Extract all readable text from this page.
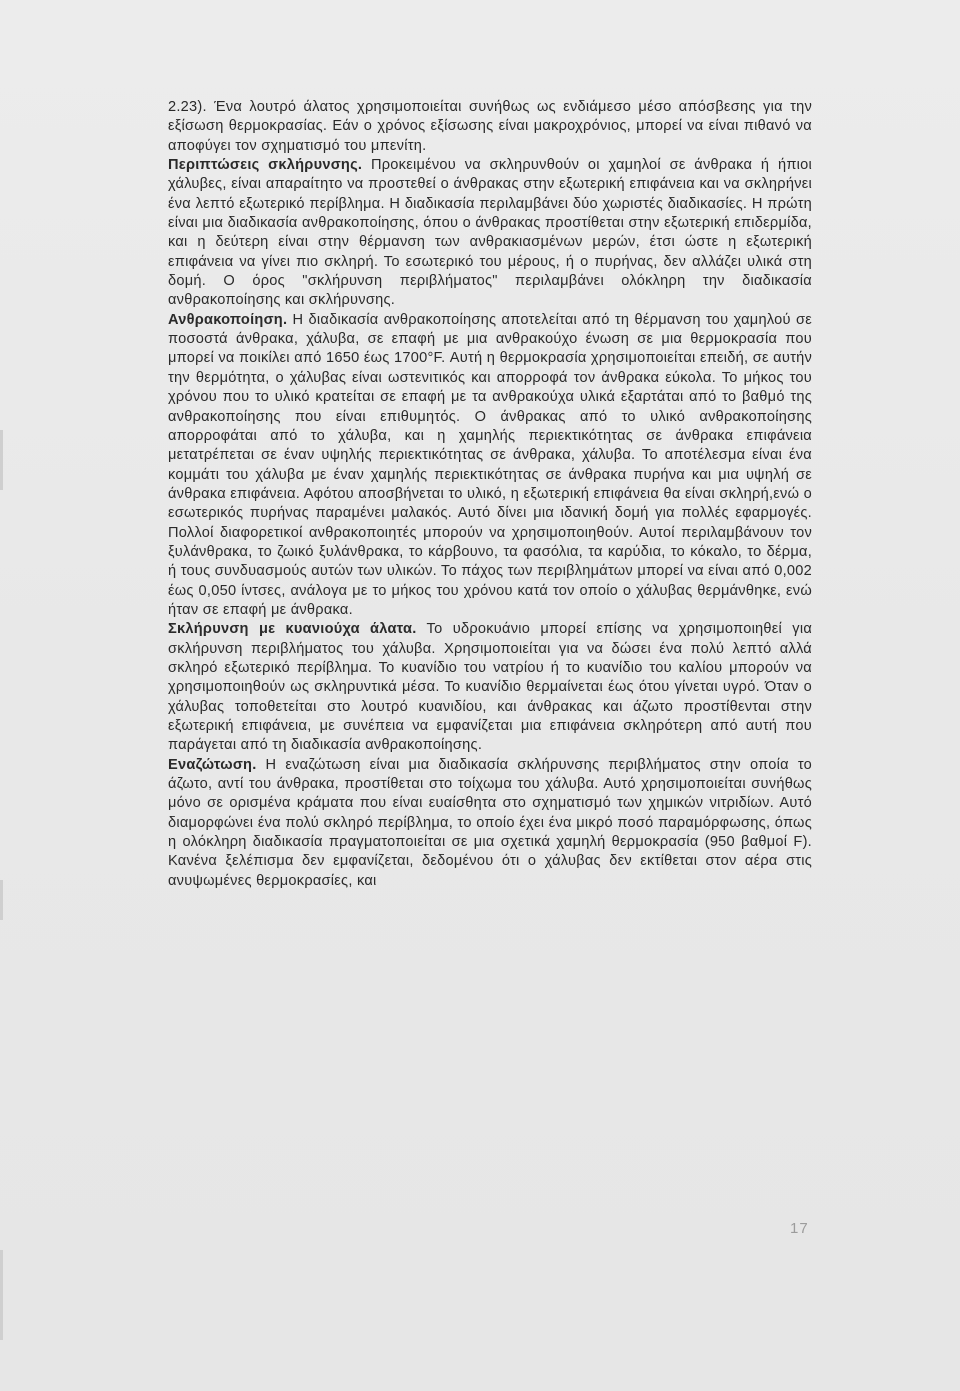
2.23). Ένα λουτρό άλατος χρησιμοποιείται συνήθως ως ενδιάμεσο μέσο απόσβεσης για την εξίσωση θερμοκρασίας. Εάν ο χρόνος εξίσωσης είναι μακροχρόνιος, μπορεί να είναι πιθανό να αποφύγει τον σχηματισμό του μπενίτη.

Περιπτώσεις σκλήρυνσης. Προκειμένου να σκληρυνθούν οι χαμηλοί σε άνθρακα ή ήπιοι χάλυβες, είναι απαραίτητο να προστεθεί ο άνθρακας στην εξωτερική επιφάνεια και να σκληρήνει ένα λεπτό εξωτερικό περίβλημα. Η διαδικασία περιλαμβάνει δύο χωριστές διαδικασίες. Η πρώτη είναι μια διαδικασία ανθρακοποίησης, όπου ο άνθρακας προστίθεται στην εξωτερική επιδερμίδα, και η δεύτερη είναι στην θέρμανση των ανθρακιασμένων μερών, έτσι ώστε η εξωτερική επιφάνεια να γίνει πιο σκληρή. Το εσωτερικό του μέρους, ή ο πυρήνας, δεν αλλάζει υλικά στη δομή. Ο όρος "σκλήρυνση περιβλήματος" περιλαμβάνει ολόκληρη την διαδικασία ανθρακοποίησης και σκλήρυνσης.

Ανθρακοποίηση. Η διαδικασία ανθρακοποίησης αποτελείται από τη θέρμανση του χαμηλού σε ποσοστά άνθρακα, χάλυβα, σε επαφή με μια ανθρακούχο ένωση σε μια θερμοκρασία που μπορεί να ποικίλει από 1650 έως 1700°F. Αυτή η θερμοκρασία χρησιμοποιείται επειδή, σε αυτήν την θερμότητα, ο χάλυβας είναι ωστενιτικός και απορροφά τον άνθρακα εύκολα. Το μήκος του χρόνου που το υλικό κρατείται σε επαφή με τα ανθρακούχα υλικά εξαρτάται από το βαθμό της ανθρακοποίησης που είναι επιθυμητός. Ο άνθρακας από το υλικό ανθρακοποίησης απορροφάται από το χάλυβα, και η χαμηλής περιεκτικότητας σε άνθρακα επιφάνεια μετατρέπεται σε έναν υψηλής περιεκτικότητας σε άνθρακα, χάλυβα. Το αποτέλεσμα είναι ένα κομμάτι του χάλυβα με έναν χαμηλής περιεκτικότητας σε άνθρακα πυρήνα και μια υψηλή σε άνθρακα επιφάνεια. Αφότου αποσβήνεται το υλικό, η εξωτερική επιφάνεια θα είναι σκληρή,ενώ ο εσωτερικός πυρήνας παραμένει μαλακός. Αυτό δίνει μια ιδανική δομή για πολλές εφαρμογές. Πολλοί διαφορετικοί ανθρακοποιητές μπορούν να χρησιμοποιηθούν. Αυτοί περιλαμβάνουν τον ξυλάνθρακα, το ζωικό ξυλάνθρακα, το κάρβουνο, τα φασόλια, τα καρύδια, το κόκαλο, το δέρμα, ή τους συνδυασμούς αυτών των υλικών. Το πάχος των περιβλημάτων μπορεί να είναι από 0,002 έως 0,050 ίντσες, ανάλογα με το μήκος του χρόνου κατά τον οποίο ο χάλυβας θερμάνθηκε, ενώ ήταν σε επαφή με άνθρακα.

Σκλήρυνση με κυανιούχα άλατα. Το υδροκυάνιο μπορεί επίσης να χρησιμοποιηθεί για σκλήρυνση περιβλήματος του χάλυβα. Χρησιμοποιείται για να δώσει ένα πολύ λεπτό αλλά σκληρό εξωτερικό περίβλημα. Το κυανίδιο του νατρίου ή το κυανίδιο του καλίου μπορούν να χρησιμοποιηθούν ως σκληρυντικά μέσα. Το κυανίδιο θερμαίνεται έως ότου γίνεται υγρό. Όταν ο χάλυβας τοποθετείται στο λουτρό κυανιδίου, και άνθρακας και άζωτο προστίθενται στην εξωτερική επιφάνεια, με συνέπεια να εμφανίζεται μια επιφάνεια σκληρότερη από αυτή που παράγεται από τη διαδικασία ανθρακοποίησης.

Εναζώτωση. Η εναζώτωση είναι μια διαδικασία σκλήρυνσης περιβλήματος στην οποία το άζωτο, αντί του άνθρακα, προστίθεται στο τοίχωμα του χάλυβα. Αυτό χρησιμοποιείται συνήθως μόνο σε ορισμένα κράματα που είναι ευαίσθητα στο σχηματισμό των χημικών νιτριδίων. Αυτό διαμορφώνει ένα πολύ σκληρό περίβλημα, το οποίο έχει ένα μικρό ποσό παραμόρφωσης, όπως η ολόκληρη διαδικασία πραγματοποιείται σε μια σχετικά χαμηλή θερμοκρασία (950 βαθμοί F). Κανένα ξελέπισμα δεν εμφανίζεται, δεδομένου ότι ο χάλυβας δεν εκτίθεται στον αέρα στις ανυψωμένες θερμοκρασίες, και

17
